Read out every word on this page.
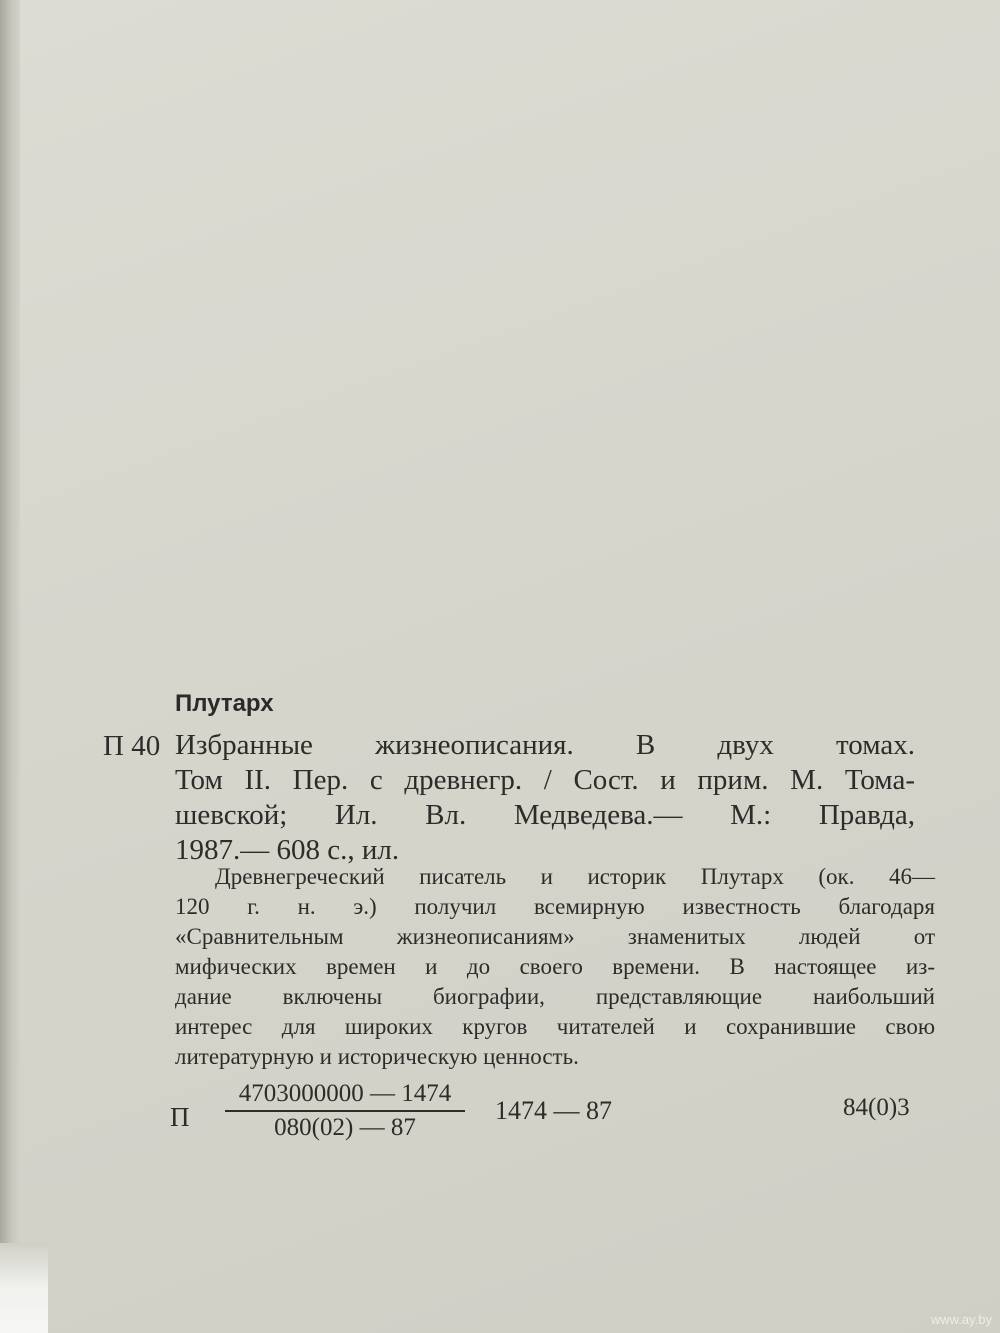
Плутарх
П 40 Избранные жизнеописания. В двух томах.
Том II. Пер. с древнегр. / Сост. и прим. М. Тома-
шевской; Ил. Вл. Медведева.— М.: Правда,
1987.— 608 с., ил.
Древнегреческий писатель и историк Плутарх (ок. 46—
120 г. н. э.) получил всемирную известность благодаря
«Сравнительным жизнеописаниям» знаменитых людей от
мифических времен и до своего времени. В настоящее из-
дание включены биографии, представляющие наибольший
интерес для широких кругов читателей и сохранившие свою
литературную и историческую ценность.
П $\frac{4703000000 — 1474}{080(02) — 87} 1474$ — 87	84(0)3
www.ay.by
